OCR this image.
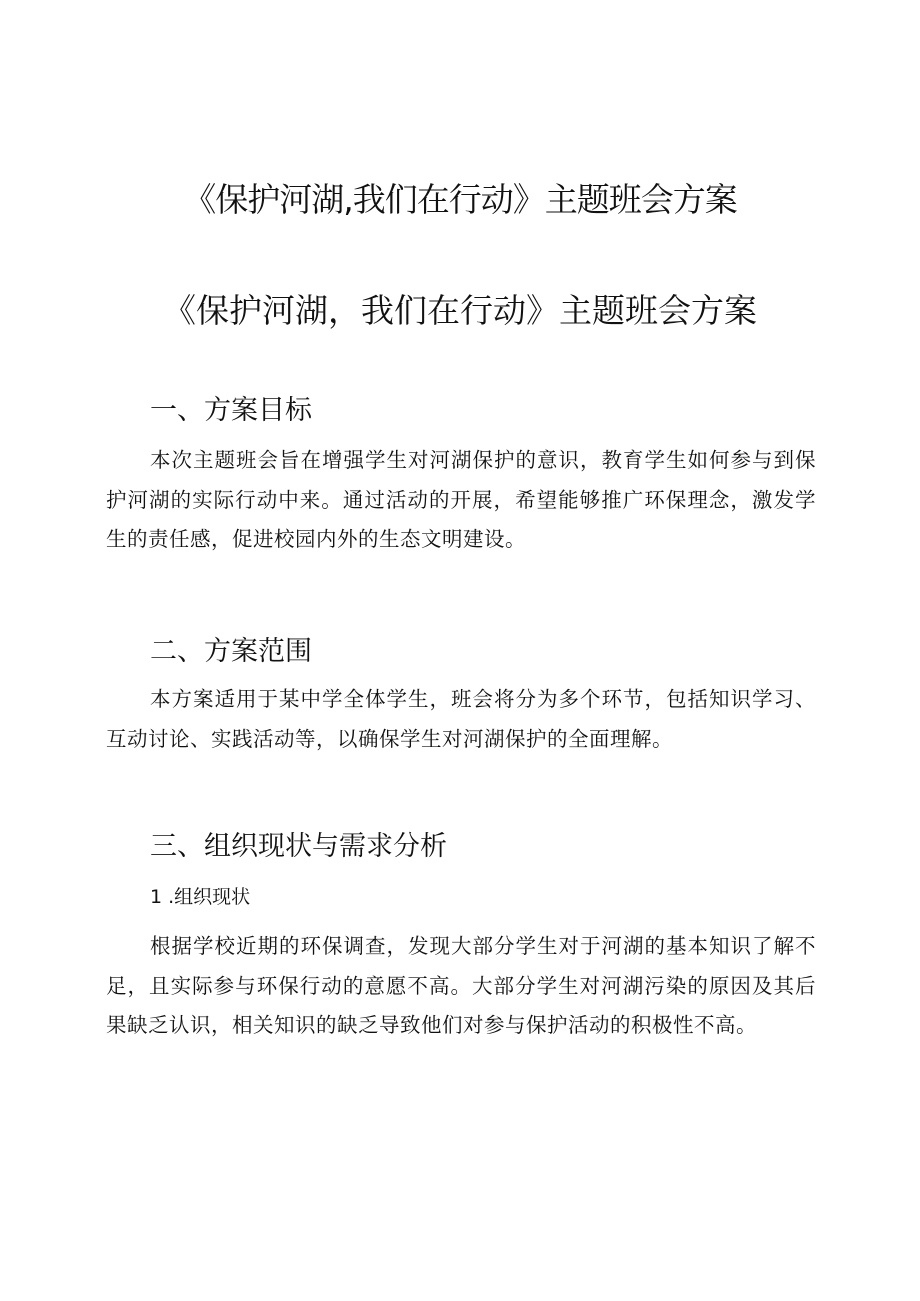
《保护河湖,我们在行动》主题班会方案
《保护河湖，我们在行动》主题班会方案
一、方案目标

本次主题班会旨在增强学生对河湖保护的意识，教育学生如何参与到保护河湖的实际行动中来。通过活动的开展，希望能够推广环保理念，激发学生的责任感，促进校园内外的生态文明建设。

二、方案范围

本方案适用于某中学全体学生，班会将分为多个环节，包括知识学习、互动讨论、实践活动等，以确保学生对河湖保护的全面理解。

三、组织现状与需求分析
1 .组织现状

根据学校近期的环保调查，发现大部分学生对于河湖的基本知识了解不足，且实际参与环保行动的意愿不高。大部分学生对河湖污染的原因及其后果缺乏认识，相关知识的缺乏导致他们对参与保护活动的积极性不高。
